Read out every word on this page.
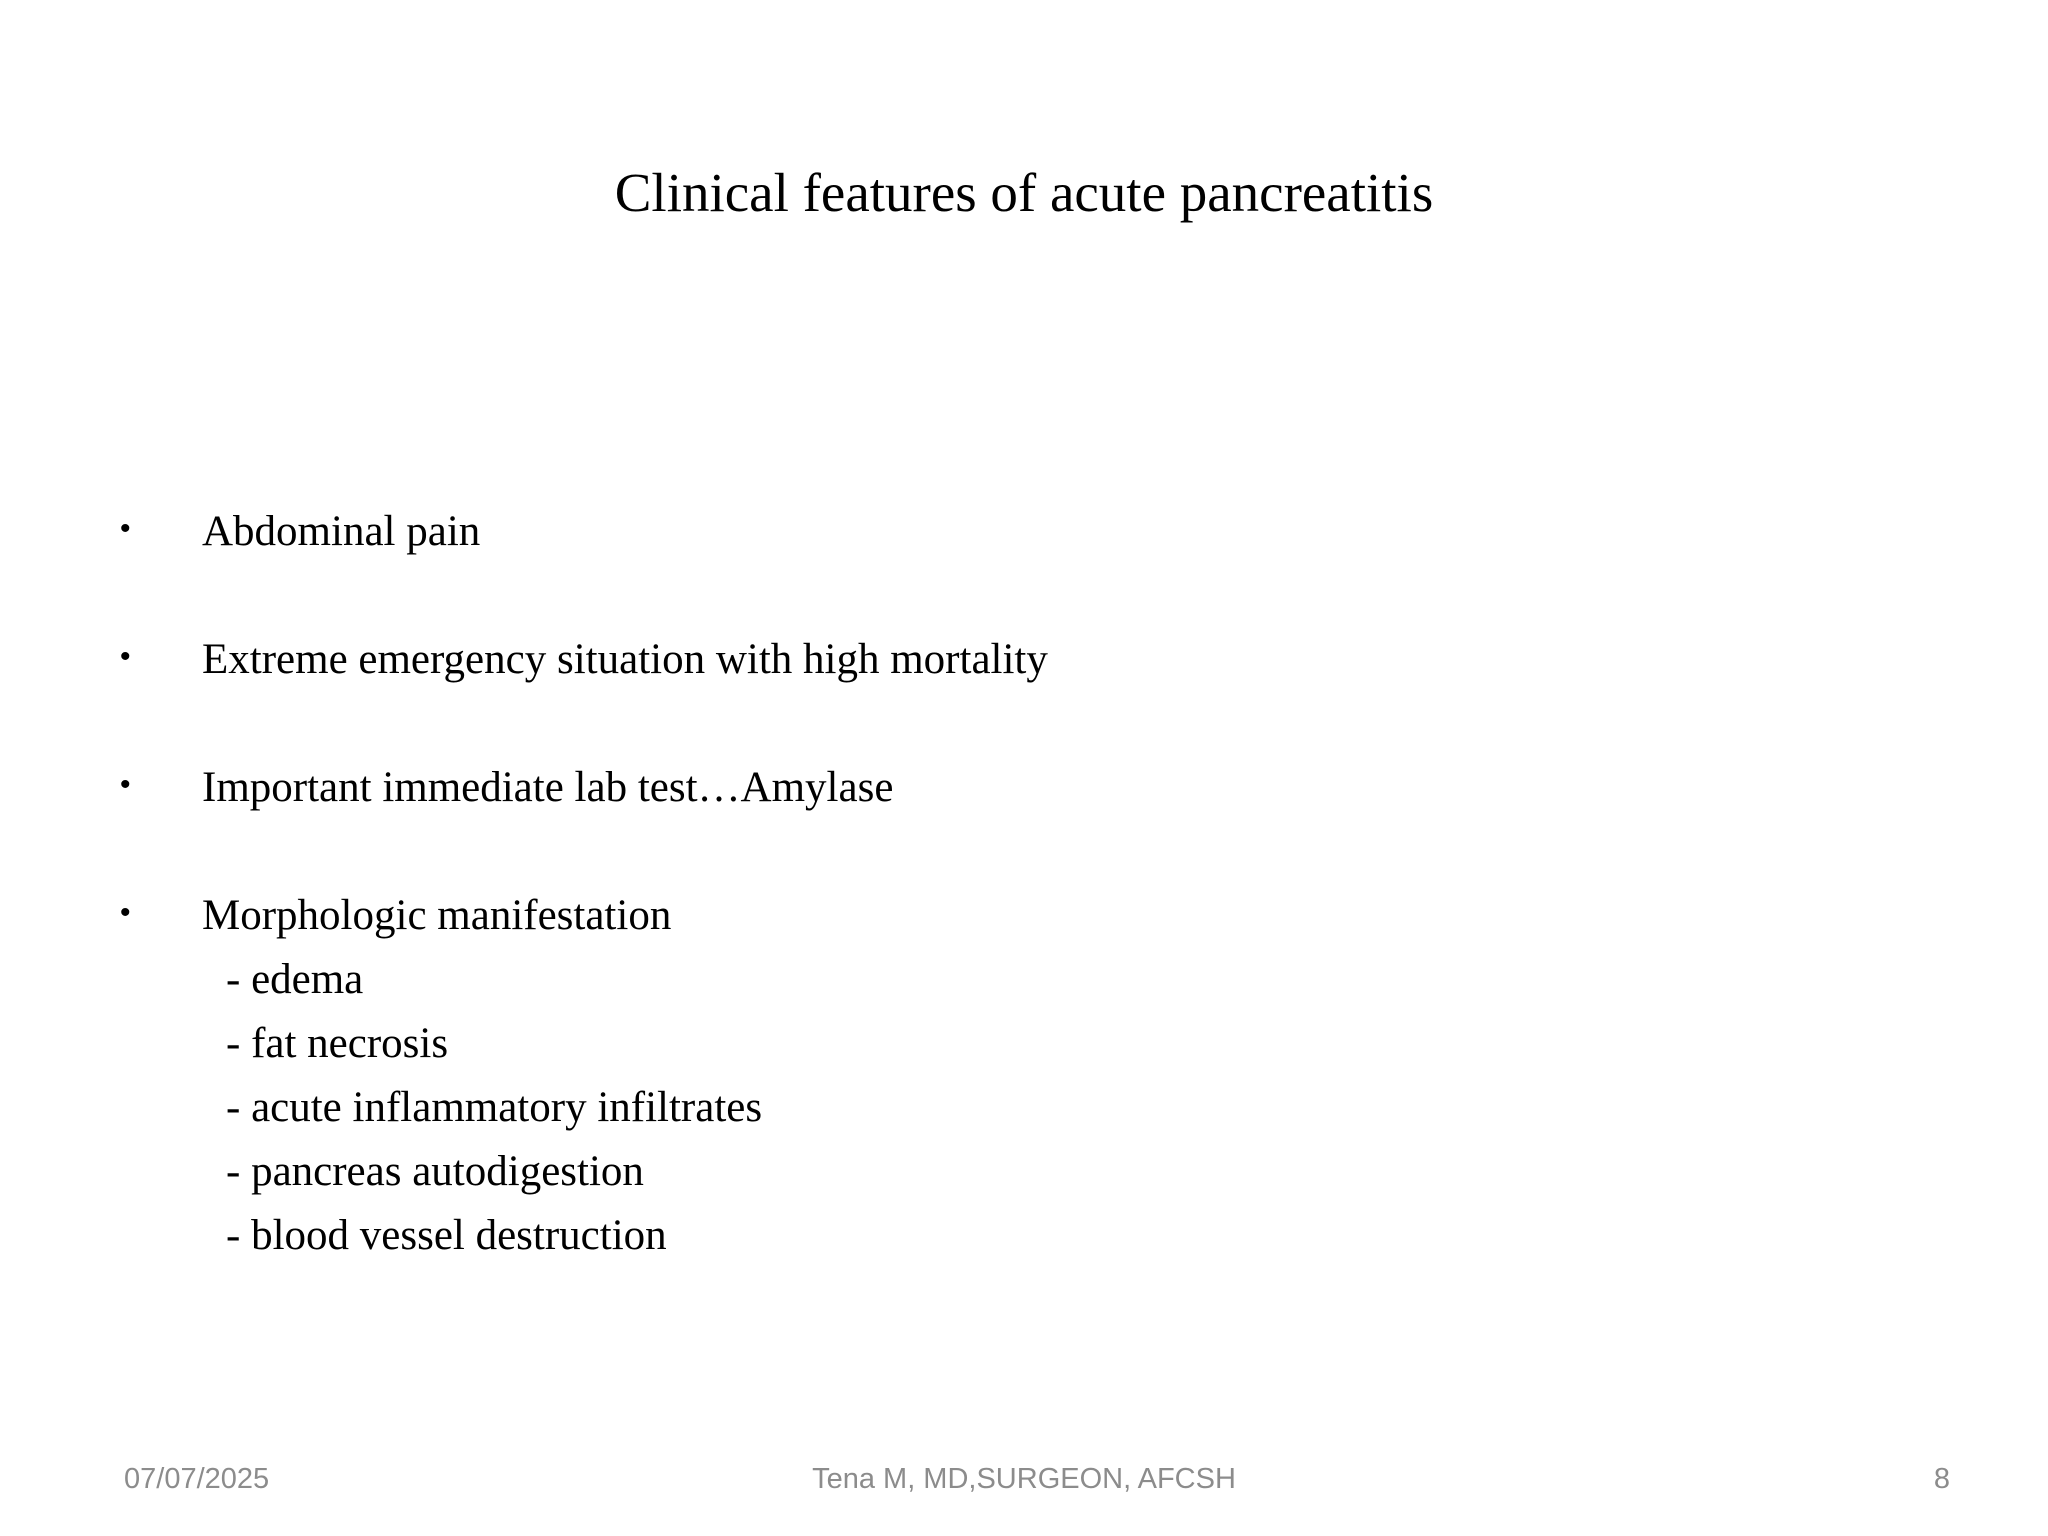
Clinical features of acute pancreatitis
•	Abdominal pain
•	Extreme emergency situation with high mortality
•	Important immediate lab test…Amylase
•	Morphologic manifestation
- edema
- fat necrosis
- acute inflammatory infiltrates
- pancreas autodigestion
- blood vessel destruction
07/07/2025	Tena M, MD,SURGEON, AFCSH	8
